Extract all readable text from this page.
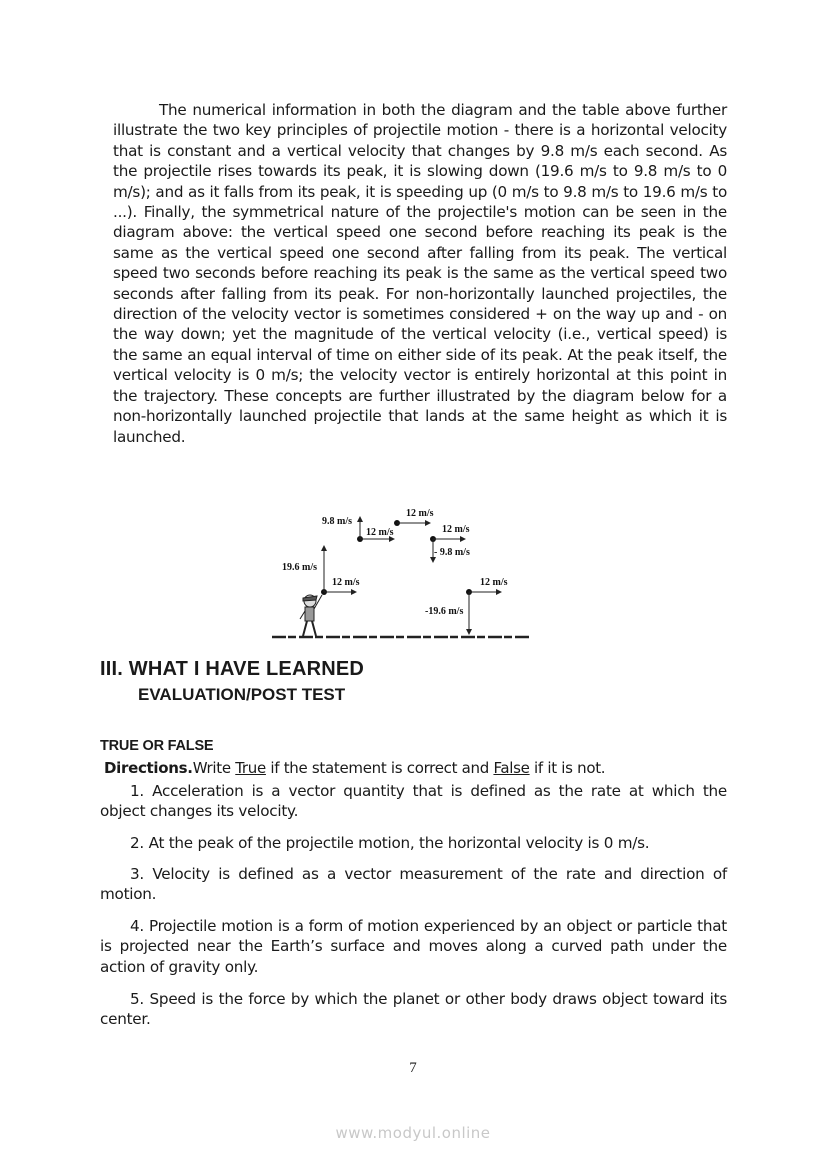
The numerical information in both the diagram and the table above further illustrate the two key principles of projectile motion - there is a horizontal velocity that is constant and a vertical velocity that changes by 9.8 m/s each second. As the projectile rises towards its peak, it is slowing down (19.6 m/s to 9.8 m/s to 0 m/s); and as it falls from its peak, it is speeding up (0 m/s to 9.8 m/s to 19.6 m/s to ...). Finally, the symmetrical nature of the projectile's motion can be seen in the diagram above: the vertical speed one second before reaching its peak is the same as the vertical speed one second after falling from its peak. The vertical speed two seconds before reaching its peak is the same as the vertical speed two seconds after falling from its peak. For non-horizontally launched projectiles, the direction of the velocity vector is sometimes considered + on the way up and - on the way down; yet the magnitude of the vertical velocity (i.e., vertical speed) is the same an equal interval of time on either side of its peak. At the peak itself, the vertical velocity is 0 m/s; the velocity vector is entirely horizontal at this point in the trajectory. These concepts are further illustrated by the diagram below for a non-horizontally launched projectile that lands at the same height as which it is launched.

19.6 m/s
12 m/s
9.8 m/s
12 m/s
12 m/s
12 m/s
- 9.8 m/s
12 m/s
-19.6 m/s
III. WHAT I HAVE LEARNED
EVALUATION/POST TEST
TRUE OR FALSE
Directions.Write True if the statement is correct and False if it is not.

1. Acceleration is a vector quantity that is defined as the rate at which the object changes its velocity.

2. At the peak of the projectile motion, the horizontal velocity is 0 m/s.

3. Velocity is defined as a vector measurement of the rate and direction of motion.

4. Projectile motion is a form of motion experienced by an object or particle that is projected near the Earth’s surface and moves along a curved path under the action of gravity only.

5. Speed is the force by which the planet or other body draws object toward its center.

7
www.modyul.online
